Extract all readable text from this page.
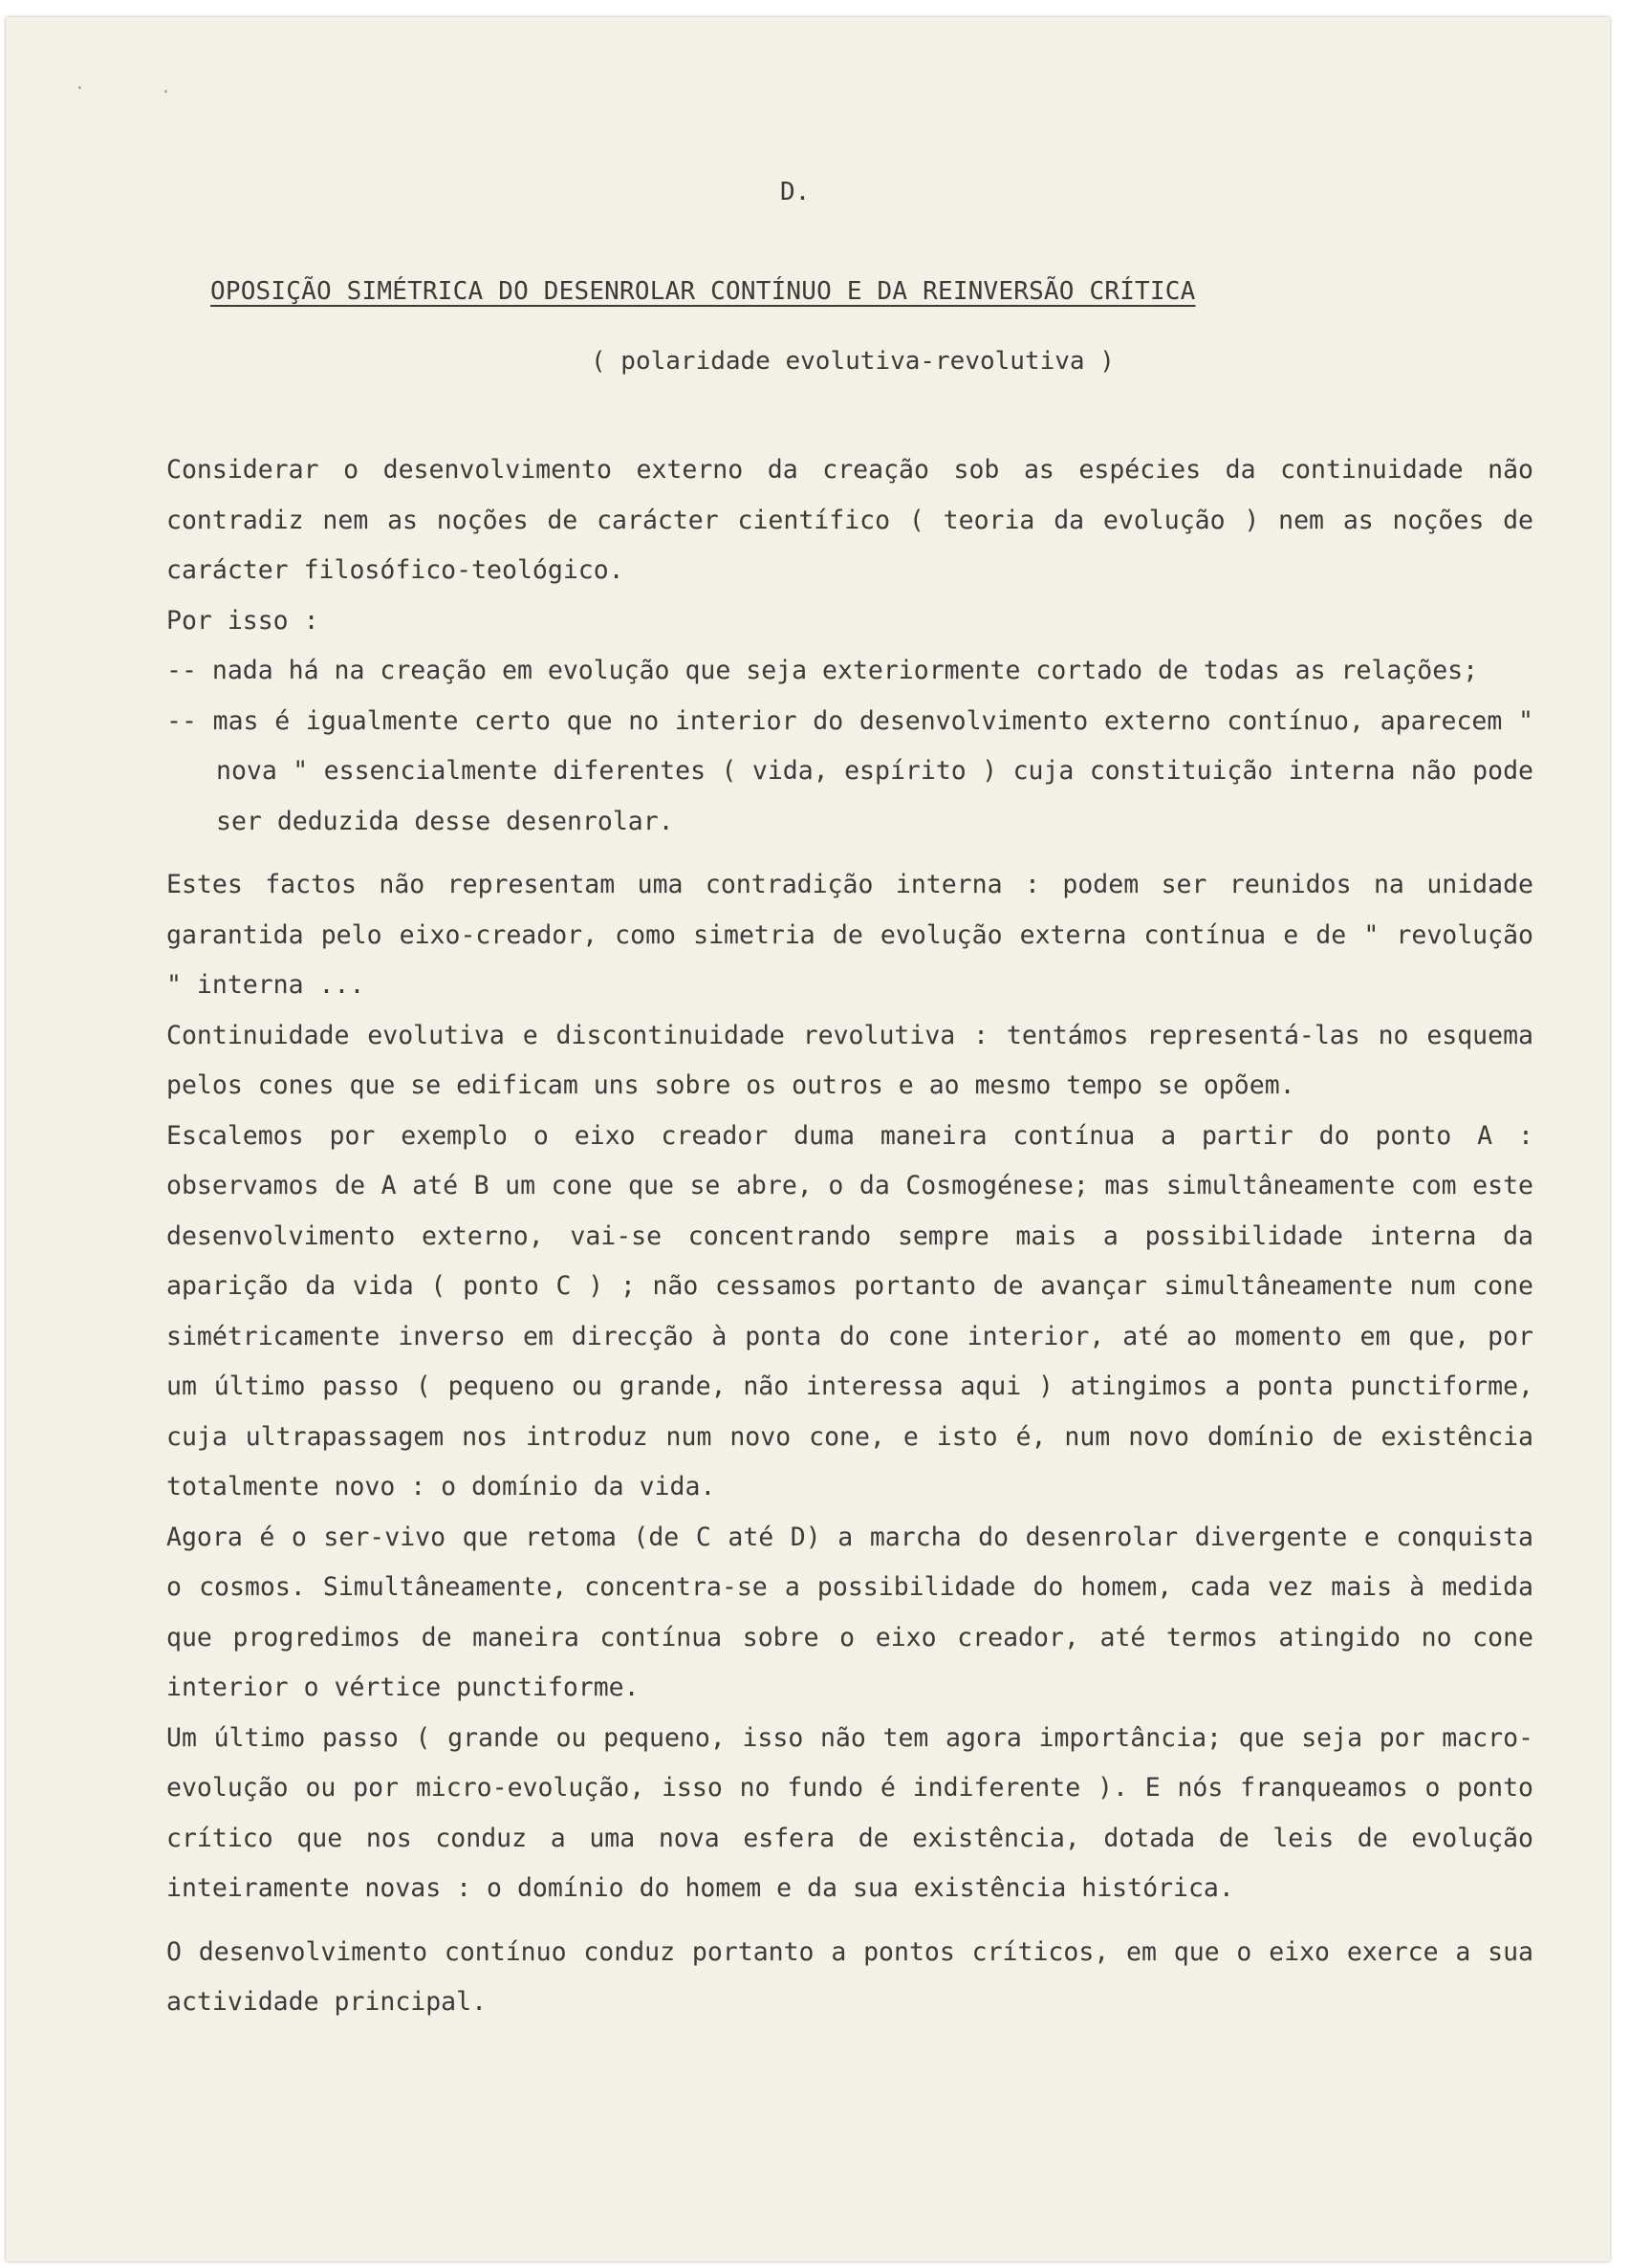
·	·
D.
OPOSIÇÃO SIMÉTRICA DO DESENROLAR CONTÍNUO E DA REINVERSÃO CRÍTICA
( polaridade evolutiva-revolutiva )

Considerar o desenvolvimento externo da creação sob as espécies da continuidade não contradiz nem as noções de carácter científico ( teoria da evolução ) nem as noções de carácter filosófico-teológico.

Por isso :

-- nada há na creação em evolução que seja exteriormente cortado de todas as relações;

-- mas é igualmente certo que no interior do desenvolvimento externo contínuo, aparecem " nova " essencialmente diferentes ( vida, espírito ) cuja constituição interna não pode ser deduzida desse desenrolar.

Estes factos não representam uma contradição interna : podem ser reunidos na unidade garantida pelo eixo-creador, como simetria de evolução externa contínua e de " revolução " interna ...

Continuidade evolutiva e discontinuidade revolutiva : tentámos representá-las no esquema pelos cones que se edificam uns sobre os outros e ao mesmo tempo se opõem.

Escalemos por exemplo o eixo creador duma maneira contínua a partir do ponto A : observamos de A até B um cone que se abre, o da Cosmogénese; mas simultâneamente com este desenvolvimento externo, vai-se concentrando sempre mais a possibilidade interna da aparição da vida ( ponto C ) ; não cessamos portanto de avançar simultâneamente num cone simétricamente inverso em direcção à ponta do cone interior, até ao momento em que, por um último passo ( pequeno ou grande, não interessa aqui ) atingimos a ponta punctiforme, cuja ultrapassagem nos introduz num novo cone, e isto é, num novo domínio de existência totalmente novo : o domínio da vida.

Agora é o ser-vivo que retoma (de C até D) a marcha do desenrolar divergente e conquista o cosmos. Simultâneamente, concentra-se a possibilidade do homem, cada vez mais à medida que progredimos de maneira contínua sobre o eixo creador, até termos atingido no cone interior o vértice punctiforme.

Um último passo ( grande ou pequeno, isso não tem agora importância; que seja por macro-evolução ou por micro-evolução, isso no fundo é indiferente ). E nós franqueamos o ponto crítico que nos conduz a uma nova esfera de existência, dotada de leis de evolução inteiramente novas : o domínio do homem e da sua existência histórica.

O desenvolvimento contínuo conduz portanto a pontos críticos, em que o eixo exerce a sua actividade principal.
